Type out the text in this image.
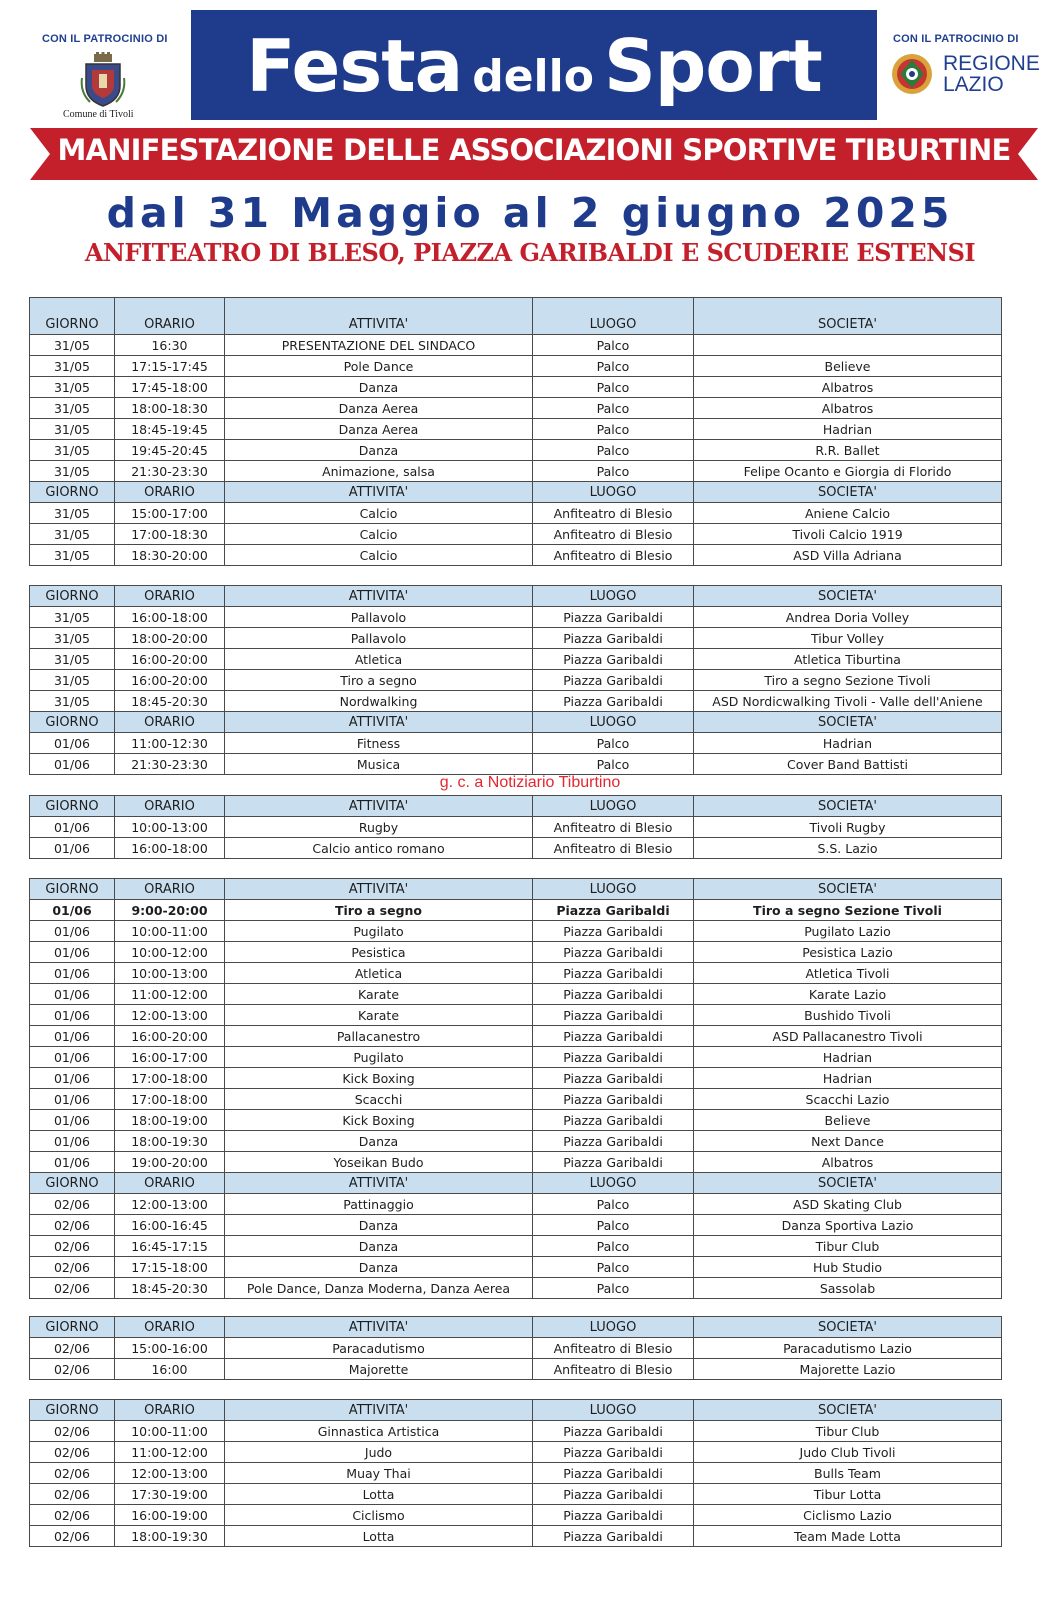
CON IL PATROCINIO DI
Comune di Tivoli
Festa dello Sport	CON IL PATROCINIO DI
REGIONE
LAZIO
MANIFESTAZIONE DELLE ASSOCIAZIONI SPORTIVE TIBURTINE
dal 31 Maggio al 2 giugno 2025
ANFITEATRO DI BLESO, PIAZZA GARIBALDI E SCUDERIE ESTENSI
GIORNO	ORARIO	ATTIVITA'	LUOGO	SOCIETA'
31/05	16:30	PRESENTAZIONE DEL SINDACO	Palco	
31/05	17:15-17:45	Pole Dance	Palco	Believe
31/05	17:45-18:00	Danza	Palco	Albatros
31/05	18:00-18:30	Danza Aerea	Palco	Albatros
31/05	18:45-19:45	Danza Aerea	Palco	Hadrian
31/05	19:45-20:45	Danza	Palco	R.R. Ballet
31/05	21:30-23:30	Animazione, salsa	Palco	Felipe Ocanto e Giorgia di Florido
GIORNO	ORARIO	ATTIVITA'	LUOGO	SOCIETA'
31/05	15:00-17:00	Calcio	Anfiteatro di Blesio	Aniene Calcio
31/05	17:00-18:30	Calcio	Anfiteatro di Blesio	Tivoli Calcio 1919
31/05	18:30-20:00	Calcio	Anfiteatro di Blesio	ASD Villa Adriana
GIORNO	ORARIO	ATTIVITA'	LUOGO	SOCIETA'
31/05	16:00-18:00	Pallavolo	Piazza Garibaldi	Andrea Doria Volley
31/05	18:00-20:00	Pallavolo	Piazza Garibaldi	Tibur Volley
31/05	16:00-20:00	Atletica	Piazza Garibaldi	Atletica Tiburtina
31/05	16:00-20:00	Tiro a segno	Piazza Garibaldi	Tiro a segno Sezione Tivoli
31/05	18:45-20:30	Nordwalking	Piazza Garibaldi	ASD Nordicwalking Tivoli - Valle dell'Aniene
GIORNO	ORARIO	ATTIVITA'	LUOGO	SOCIETA'
01/06	11:00-12:30	Fitness	Palco	Hadrian
01/06	21:30-23:30	Musica	Palco	Cover Band Battisti
GIORNO	ORARIO	ATTIVITA'	LUOGO	SOCIETA'
01/06	10:00-13:00	Rugby	Anfiteatro di Blesio	Tivoli Rugby
01/06	16:00-18:00	Calcio antico romano	Anfiteatro di Blesio	S.S. Lazio
GIORNO	ORARIO	ATTIVITA'	LUOGO	SOCIETA'
01/06	9:00-20:00	Tiro a segno	Piazza Garibaldi	Tiro a segno Sezione Tivoli
01/06	10:00-11:00	Pugilato	Piazza Garibaldi	Pugilato Lazio
01/06	10:00-12:00	Pesistica	Piazza Garibaldi	Pesistica Lazio
01/06	10:00-13:00	Atletica	Piazza Garibaldi	Atletica Tivoli
01/06	11:00-12:00	Karate	Piazza Garibaldi	Karate Lazio
01/06	12:00-13:00	Karate	Piazza Garibaldi	Bushido Tivoli
01/06	16:00-20:00	Pallacanestro	Piazza Garibaldi	ASD Pallacanestro Tivoli
01/06	16:00-17:00	Pugilato	Piazza Garibaldi	Hadrian
01/06	17:00-18:00	Kick Boxing	Piazza Garibaldi	Hadrian
01/06	17:00-18:00	Scacchi	Piazza Garibaldi	Scacchi Lazio
01/06	18:00-19:00	Kick Boxing	Piazza Garibaldi	Believe
01/06	18:00-19:30	Danza	Piazza Garibaldi	Next Dance
01/06	19:00-20:00	Yoseikan Budo	Piazza Garibaldi	Albatros
GIORNO	ORARIO	ATTIVITA'	LUOGO	SOCIETA'
02/06	12:00-13:00	Pattinaggio	Palco	ASD Skating Club
02/06	16:00-16:45	Danza	Palco	Danza Sportiva Lazio
02/06	16:45-17:15	Danza	Palco	Tibur Club
02/06	17:15-18:00	Danza	Palco	Hub Studio
02/06	18:45-20:30	Pole Dance, Danza Moderna, Danza Aerea	Palco	Sassolab
GIORNO	ORARIO	ATTIVITA'	LUOGO	SOCIETA'
02/06	15:00-16:00	Paracadutismo	Anfiteatro di Blesio	Paracadutismo Lazio
02/06	16:00	Majorette	Anfiteatro di Blesio	Majorette Lazio
GIORNO	ORARIO	ATTIVITA'	LUOGO	SOCIETA'
02/06	10:00-11:00	Ginnastica Artistica	Piazza Garibaldi	Tibur Club
02/06	11:00-12:00	Judo	Piazza Garibaldi	Judo Club Tivoli
02/06	12:00-13:00	Muay Thai	Piazza Garibaldi	Bulls Team
02/06	17:30-19:00	Lotta	Piazza Garibaldi	Tibur Lotta
02/06	16:00-19:00	Ciclismo	Piazza Garibaldi	Ciclismo Lazio
02/06	18:00-19:30	Lotta	Piazza Garibaldi	Team Made Lotta
g. c. a Notiziario Tiburtino
